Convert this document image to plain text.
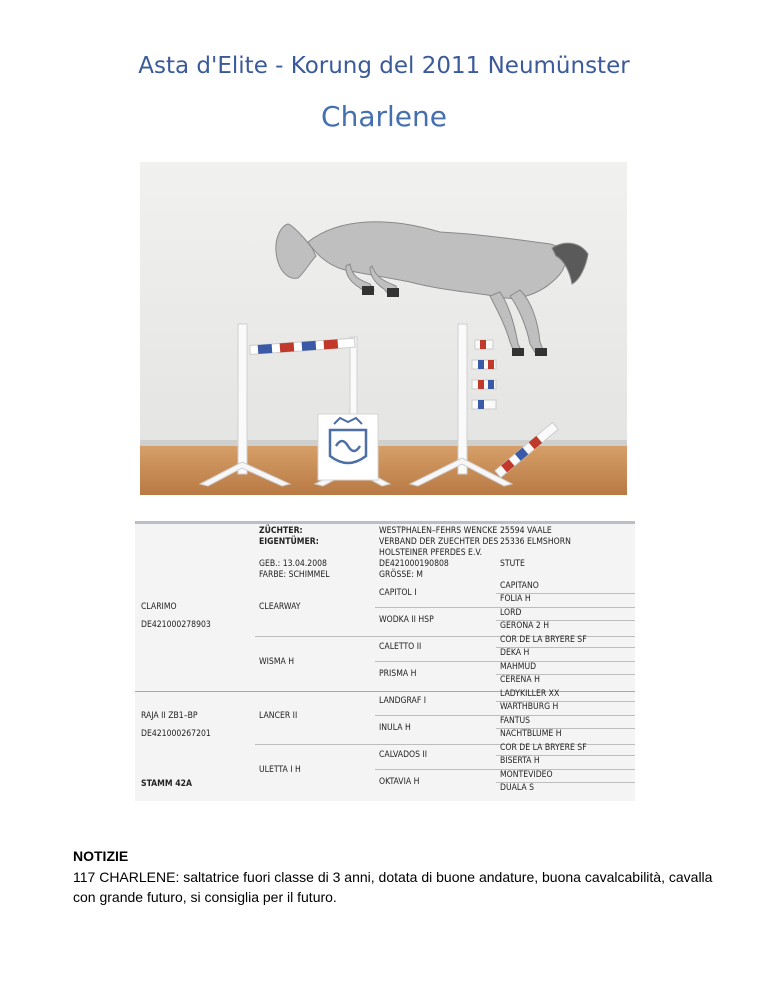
Asta d'Elite - Korung del 2011 Neumünster
Charlene
ZÜCHTER:
EIGENTÜMER:
WESTPHALEN–FEHRS WENCKE 25594 VAALE
VERBAND DER ZUECHTER DES 25336 ELMSHORN
HOLSTEINER PFERDES E.V.
GEB.: 13.04.2008
FARBE: SCHIMMEL
DE421000190808
GRÖSSE: M
STUTE
CLARIMO
DE421000278903
RAJA II ZB1–BP
DE421000267201
STAMM 42A
CLEARWAY
WISMA H
LANCER II
ULETTA I H
CAPITOL I
WODKA II HSP
CALETTO II
PRISMA H
LANDGRAF I
INULA H
CALVADOS II
OKTAVIA H
CAPITANO
FOLIA H
LORD
GERONA 2 H
COR DE LA BRYERE SF
DEKA H
MAHMUD
CERENA H
LADYKILLER XX
WARTHBURG H
FANTUS
NACHTBLUME H
COR DE LA BRYERE SF
BISERTA H
MONTEVIDEO
DUALA S
NOTIZIE
117 CHARLENE: saltatrice fuori classe di 3 anni, dotata di buone andature, buona cavalcabilità, cavalla con grande futuro, si consiglia per il futuro.
